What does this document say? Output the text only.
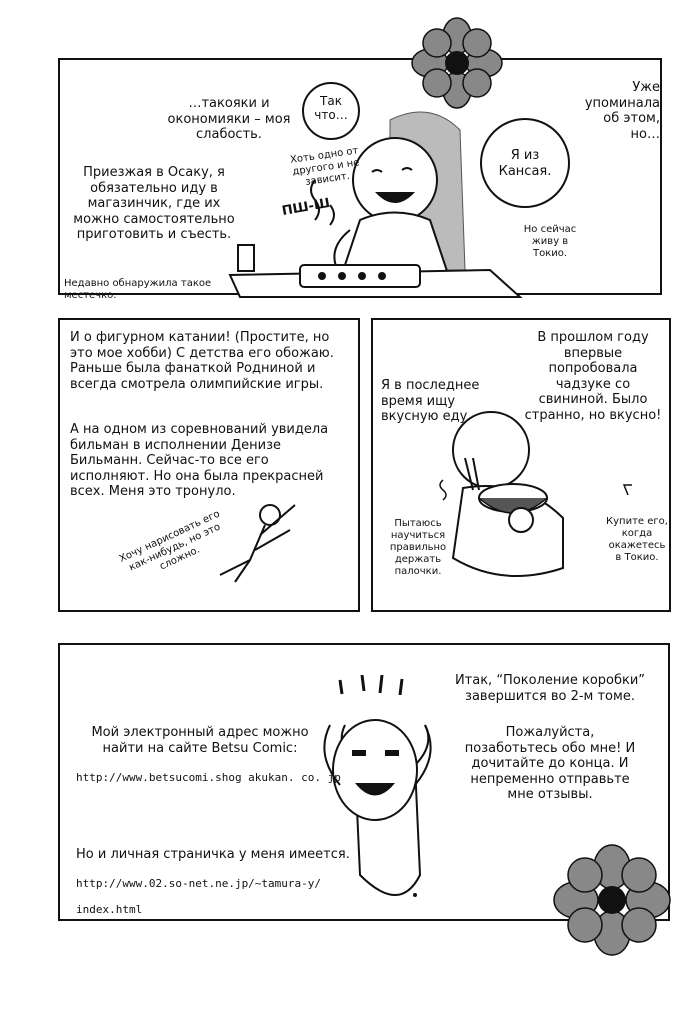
…такояки и окономияки – моя слабость.
Приезжая в Осаку, я обязательно иду в магазинчик, где их можно самостоятельно приготовить и съесть.
Недавно обнаружила такое местечко.
Так что…
Хоть одно от другого и не зависит.
ПШ-Ш
Уже упоминала об этом, но…
Я из Кансая.
Но сейчас живу в Токио.
И о фигурном катании! (Простите, но это мое хобби) С детства его обожаю. Раньше была фанаткой Родниной и всегда смотрела олимпийские игры.
А на одном из соревнований увидела бильман в исполнении Денизе Бильманн. Сейчас-то все его исполняют. Но она была прекрасней всех. Меня это тронуло.
Хочу нарисовать его как-нибудь, но это сложно.
В прошлом году впервые попробовала чадзуке со свининой. Было странно, но вкусно!
Я в последнее время ищу вкусную еду.
Пытаюсь научиться правильно держать палочки.
Купите его, когда окажетесь в Токио.
Мой электронный адрес можно найти на сайте Betsu Comic:
http://www.betsucomi.shog akukan. co. jp
Но и личная страничка у меня имеется.
http://www.02.so-net.ne.jp/~tamura-y/
index.html
Итак, “Поколение коробки” завершится во 2-м томе.
Пожалуйста, позаботьтесь обо мне! И дочитайте до конца. И непременно отправьте мне отзывы.
